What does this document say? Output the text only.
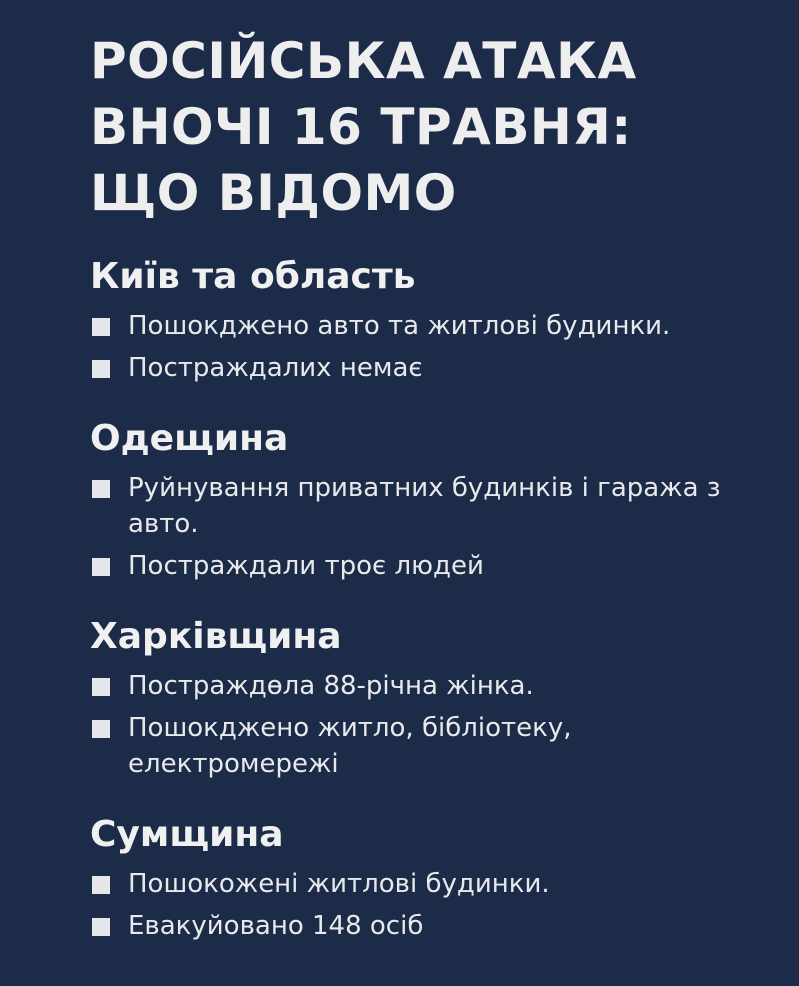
РОСІЙСЬКА АТАКА
ВНОЧІ 16 ТРАВНЯ:
ЩО ВІДОМО
Київ та область
Пошокджено авто та житлові будинки.
Постраждалих немає
Одещина
Руйнування приватних будинків і гаража з авто.
Постраждали троє людей
Харківщина
Постраждѳла 88-річна жінка.
Пошокджено житло, бібліотеку, електромережі
Сумщина
Пошокожені житлові будинки.
Евакуйовано 148 осіб
